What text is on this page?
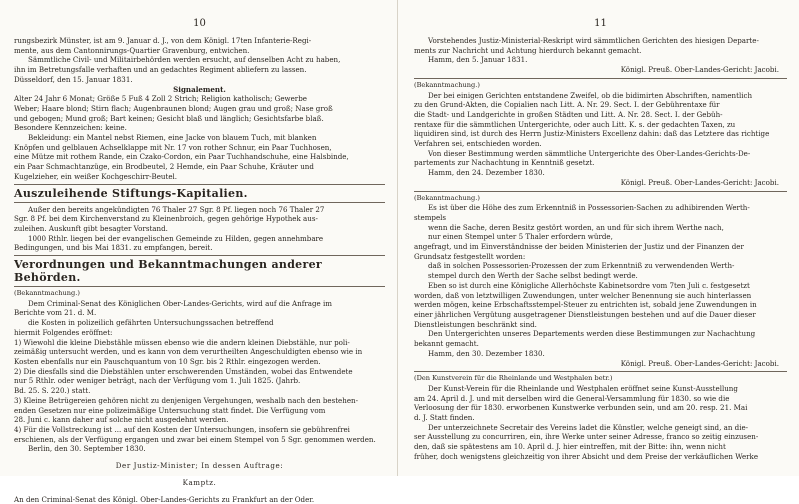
10

rungsbezirk Münster, ist am 9. Januar d. J., von dem Königl. 17ten Infanterie-Regi-

mente, aus dem Cantonnirungs-Quartier Gravenburg, entwichen.

Sämmtliche Civil- und Militairbehörden werden ersucht, auf denselben Acht zu haben,

ihn im Betretungsfalle verhaften und an gedachtes Regiment abliefern zu lassen.

Düsseldorf, den 15. Januar 1831.

Signalement.

Alter 24 Jahr 6 Monat; Größe 5 Fuß 4 Zoll 2 Strich; Religion katholisch; Gewerbe

Weber; Haare blond; Stirn flach; Augenbraunen blond; Augen grau und groß; Nase groß

und gebogen; Mund groß; Bart keinen; Gesicht blaß und länglich; Gesichtsfarbe blaß.

Besondere Kennzeichen: keine.

Bekleidung: ein Mantel nebst Riemen, eine Jacke von blauem Tuch, mit blanken

Knöpfen und gelblauen Achselklappe mit Nr. 17 von rother Schnur, ein Paar Tuchhosen,

eine Mütze mit rothem Rande, ein Czako-Cordon, ein Paar Tuchhandschuhe, eine Halsbinde,

ein Paar Schmachtanzüge, ein Brodbeutel, 2 Hemde, ein Paar Schuhe, Kräuter und

Kugelzieher, ein weißer Kochgeschirr-Beutel.

Auszuleihende Stiftungs-Kapitalien.

Außer den bereits angekündigten 76 Thaler 27 Sgr. 8 Pf. liegen noch 76 Thaler 27

Sgr. 8 Pf. bei dem Kirchenverstand zu Kleinenbroich, gegen gehörige Hypothek aus-

zuleihen. Auskunft gibt besagter Vorstand.

1000 Rthlr. liegen bei der evangelischen Gemeinde zu Hilden, gegen annehmbare

Bedingungen, und bis Mai 1831. zu empfangen, bereit.

Verordnungen und Bekanntmachungen anderer Behörden.

(Bekanntmachung.)

Dem Criminal-Senat des Königlichen Ober-Landes-Gerichts, wird auf die Anfrage im

Berichte vom 21. d. M.

die Kosten in polizeilich gefährten Untersuchungssachen betreffend

hiermit Folgendes eröffnet:

1) Wiewohl die kleine Diebstähle müssen ebenso wie die andern kleinen Diebstähle, nur poli-

zeimäßig untersucht werden, und es kann von dem verurtheilten Angeschuldigten ebenso wie in

Kosten ebenfalls nur ein Pauschquantum von 10 Sgr. bis 2 Rthlr. eingezogen werden.

2) Die diesfalls sind die Diebstählen unter erschwerenden Umständen, wobei das Entwendete

nur 5 Rthlr. oder weniger beträgt, nach der Verfügung vom 1. Juli 1825. (Jahrb.

Bd. 25. S. 220.) statt.

3) Kleine Betrügereien gehören nicht zu denjenigen Vergehungen, weshalb nach den bestehen-

enden Gesetzen nur eine polizeimäßige Untersuchung statt findet. Die Verfügung vom

28. Juni c. kann daher auf solche nicht ausgedehnt werden.

4) Für die Vollstreckung ist ... auf den Kosten der Untersuchungen, insofern sie gebührenfrei

erschienen, als der Verfügung ergangen und zwar bei einem Stempel von 5 Sgr. genommen werden.

Berlin, den 30. September 1830.

Der Justiz-Minister; In dessen Auftrage:

Kamptz.

An den Criminal-Senat des Königl. Ober-Landes-Gerichts zu Frankfurt an der Oder.

11

Vorstehendes Justiz-Ministerial-Reskript wird sämmtlichen Gerichten des hiesigen Departe-

ments zur Nachricht und Achtung hierdurch bekannt gemacht.

Hamm, den 5. Januar 1831.

Königl. Preuß. Ober-Landes-Gericht: Jacobi.

(Bekanntmachung.)

Der bei einigen Gerichten entstandene Zweifel, ob die bidimirten Abschriften, namentlich

zu den Grund-Akten, die Copialien nach Litt. A. Nr. 29. Sect. I. der Gebührentaxe für

die Stadt- und Landgerichte in großen Städten und Litt. A. Nr. 28. Sect. I. der Gebüh-

rentaxe für die sämmtlichen Untergerichte, oder auch Litt. K. s. der gedachten Taxen, zu

liquidiren sind, ist durch des Herrn Justiz-Ministers Excellenz dahin: daß das Letztere das richtige

Verfahren sei, entschieden worden.

Von dieser Bestimmung werden sämmtliche Untergerichte des Ober-Landes-Gerichts-De-

partements zur Nachachtung in Kenntniß gesetzt.

Hamm, den 24. Dezember 1830.

Königl. Preuß. Ober-Landes-Gericht: Jacobi.

(Bekanntmachung.)

Es ist über die Höhe des zum Erkenntniß in Possessorien-Sachen zu adhibirenden Werth-

stempels

wenn die Sache, deren Besitz gestört worden, an und für sich ihrem Werthe nach,

nur einen Stempel unter 5 Thaler erfordern würde,

angefragt, und im Einverständnisse der beiden Ministerien der Justiz und der Finanzen der

Grundsatz festgestellt worden:

daß in solchen Possessorien-Prozessen der zum Erkenntniß zu verwendenden Werth-

stempel durch den Werth der Sache selbst bedingt werde.

Eben so ist durch eine Königliche Allerhöchste Kabinetsordre vom 7ten Juli c. festgesetzt

worden, daß von letztwilligen Zuwendungen, unter welcher Benennung sie auch hinterlassen

werden mögen, keine Erbschaftsstempel-Steuer zu entrichten ist, sobald jene Zuwendungen in

einer jährlichen Vergütung ausgetragener Dienstleistungen bestehen und auf die Dauer dieser

Dienstleistungen beschränkt sind.

Den Untergerichten unseres Departements werden diese Bestimmungen zur Nachachtung

bekannt gemacht.

Hamm, den 30. Dezember 1830.

Königl. Preuß. Ober-Landes-Gericht: Jacobi.

(Den Kunstverein für die Rheinlande und Westphalen betr.)

Der Kunst-Verein für die Rheinlande und Westphalen eröffnet seine Kunst-Ausstellung

am 24. April d. J. und mit derselben wird die General-Versammlung für 1830. so wie die

Verloosung der für 1830. erworbenen Kunstwerke verbunden sein, und am 20. resp. 21. Mai

d. J. Statt finden.

Der unterzeichnete Secretair des Vereins ladet die Künstler, welche geneigt sind, an die-

ser Ausstellung zu concurriren, ein, ihre Werke unter seiner Adresse, franco so zeitig einzusen-

den, daß sie spätestens am 10. April d. J. hier eintreffen, mit der Bitte: ihn, wenn nicht

früher, doch wenigstens gleichzeitig von ihrer Absicht und dem Preise der verkäuflichen Werke
